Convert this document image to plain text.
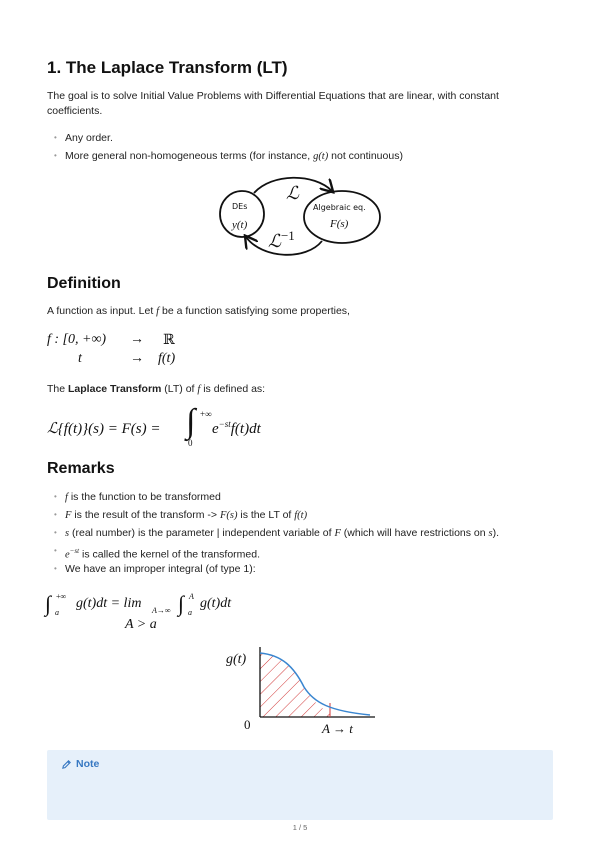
1. The Laplace Transform (LT)

The goal is to solve Initial Value Problems with Differential Equations that are linear, with constant coefficients.

• Any order.
• More general non-homogeneous terms (for instance, g(t) not continuous)
ℒ
ℒ$^{-1}$
DEs
y(t)
Algebraic eq.
F(s)
Definition

A function as input. Let f be a function satisfying some properties,

f : [0, +∞) → ℝ
t	→ f(t)

The Laplace Transform (LT) of f is defined as:

ℒ{f(t)}(s) = F(s) = ∫ +∞
0
$e^{-st}f(t)dt$
Remarks
• f is the function to be transformed
• F is the result of the transform -> F(s) is the LT of f(t)
• s (real number) is the parameter | independent variable of F (which will have restrictions on s).
• $e^{-st}$ is called the kernel of the transformed.
• We have an improper integral (of type 1):
∫ +∞
a
g(t)dt = lim A→∞ ∫ A
a
g(t)dt
A > a
g(t)
0	A → t
Note
1 / 5
